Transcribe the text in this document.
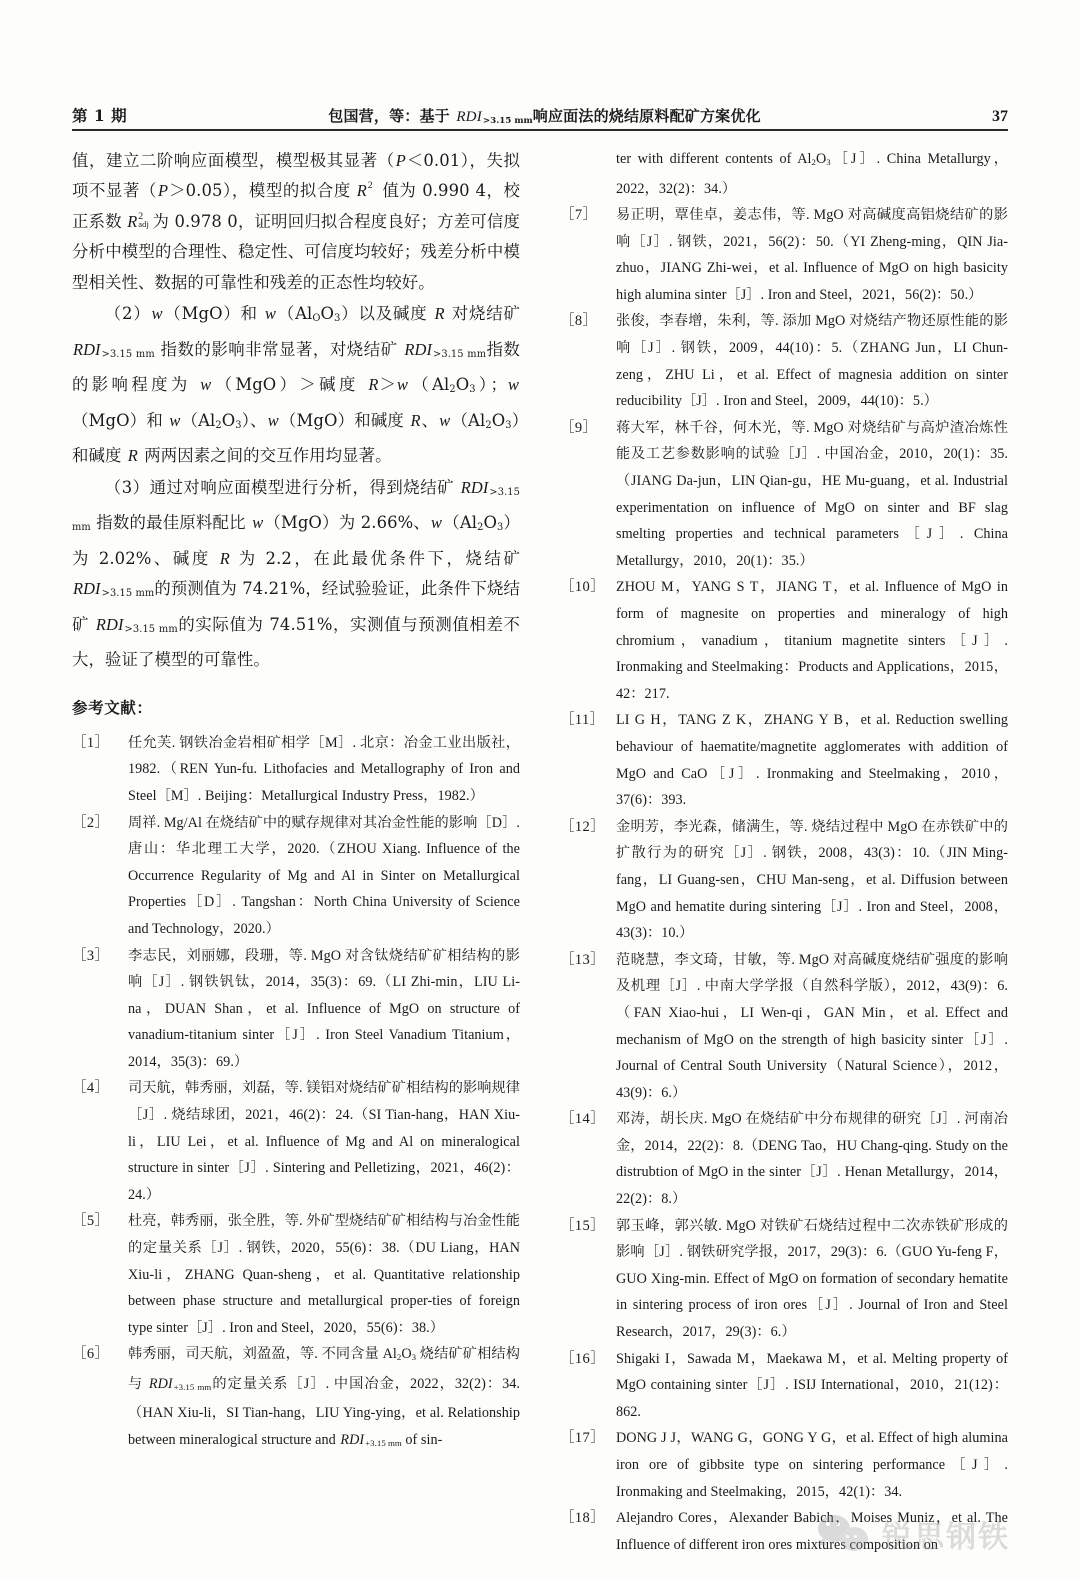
第 1 期	包国营，等：基于 $RDI_{>3.15 mm}$响应面法的烧结原料配矿方案优化	37

值，建立二阶响应面模型，模型极其显著（P＜0.01），失拟项不显著（P＞0.05），模型的拟合度 R 2 值为 0.990 4，校正系数 R 2
adj 为 0.978 0，证明回归拟合程度良好；方差可信度分析中模型的合理性、稳定性、可信度均较好；残差分析中模型相关性、数据的可靠性和残差的正态性均较好。

（2）w（MgO）和 $w(Al_OO_3)$以及碱度 R 对烧结矿 $RDI_{>3.15 mm}$ 指数的影响非常显著，对烧结矿 $RDI_{>3.15 mm}$指数的影响程度为 w（MgO）＞碱度 $R>w(Al_2O_3)$；w（MgO）和 $w(Al_2O_3)$、w（MgO）和碱度 R、$w(Al_2O_3)$和碱度 R 两两因素之间的交互作用均显著。

（3）通过对响应面模型进行分析，得到烧结矿 $RDI_{>3.15 mm}$ 指数的最佳原料配比 w（MgO）为 2.66%、$w(Al_2O_3)$为 2.02%、碱度 R 为 2.2，在此最优条件下，烧结矿 $RDI_{>3.15 mm}$的预测值为 74.21%，经试验验证，此条件下烧结矿 $RDI_{>3.15 mm}$的实际值为 74.51%，实测值与预测值相差不大，验证了模型的可靠性。

参考文献：
［1］	任允芙. 钢铁冶金岩相矿相学［M］. 北京：冶金工业出版社，1982.（REN Yun-fu. Lithofacies and Metallography of Iron and Steel［M］. Beijing：Metallurgical Industry Press，1982.）
［2］	周祥. Mg/Al 在烧结矿中的赋存规律对其冶金性能的影响［D］. 唐山：华北理工大学，2020.（ZHOU Xiang. Influence of the Occurrence Regularity of Mg and Al in Sinter on Metallurgical Properties［D］. Tangshan：North China University of Science and Technology，2020.）
［3］	李志民，刘丽娜，段珊，等. MgO 对含钛烧结矿矿相结构的影响［J］. 钢铁钒钛，2014，35(3)：69.（LI Zhi-min，LIU Li-na，DUAN Shan，et al. Influence of MgO on structure of vanadium-titanium sinter［J］. Iron Steel Vanadium Titanium，2014，35(3)：69.）
［4］	司天航，韩秀丽，刘磊，等. 镁铝对烧结矿矿相结构的影响规律［J］. 烧结球团，2021，46(2)：24.（SI Tian-hang，HAN Xiu-li，LIU Lei，et al. Influence of Mg and Al on mineralogical structure in sinter［J］. Sintering and Pelletizing，2021，46(2)：24.）
［5］	杜亮，韩秀丽，张全胜，等. 外矿型烧结矿矿相结构与冶金性能的定量关系［J］. 钢铁，2020，55(6)：38.（DU Liang，HAN Xiu-li，ZHANG Quan-sheng，et al. Quantitative relationship between phase structure and metallurgical proper-ties of foreign type sinter［J］. Iron and Steel，2020，55(6)：38.）
［6］	韩秀丽，司天航，刘盈盈，等. 不同含量 $Al_2O_3$ 烧结矿矿相结构与 $RDI_{+3.15 mm}$的定量关系［J］. 中国冶金，2022，32(2)：34.（HAN Xiu-li，SI Tian-hang，LIU Ying-ying，et al. Relationship between mineralogical structure and $RDI_{+3.15 mm}$ of sin-
ter with different contents of $Al_2O_3[J]$. China Metallurgy，2022，32(2)：34.）
［7］	易正明，覃佳卓，姜志伟，等. MgO 对高碱度高铝烧结矿的影响［J］. 钢铁，2021，56(2)：50.（YI Zheng-ming，QIN Jia-zhuo，JIANG Zhi-wei，et al. Influence of MgO on high basicity high alumina sinter［J］. Iron and Steel，2021，56(2)：50.）
［8］	张俊，李春增，朱利，等. 添加 MgO 对烧结产物还原性能的影响［J］. 钢铁，2009，44(10)：5.（ZHANG Jun，LI Chun-zeng，ZHU Li，et al. Effect of magnesia addition on sinter reducibility［J］. Iron and Steel，2009，44(10)：5.）
［9］	蒋大军，林千谷，何木光，等. MgO 对烧结矿与高炉渣冶炼性能及工艺参数影响的试验［J］. 中国冶金，2010，20(1)：35.（JIANG Da-jun，LIN Qian-gu，HE Mu-guang，et al. Industrial experimentation on influence of MgO on sinter and BF slag smelting properties and technical parameters［J］. China Metallurgy，2010，20(1)：35.）
［10］ ZHOU M，YANG S T，JIANG T，et al. Influence of MgO in form of magnesite on properties and mineralogy of high chromium，vanadium，titanium magnetite sinters［J］. Ironmaking and Steelmaking：Products and Applications，2015，42：217.
［11］ LI G H，TANG Z K，ZHANG Y B，et al. Reduction swelling behaviour of haematite/magnetite agglomerates with addition of MgO and CaO［J］. Ironmaking and Steelmaking，2010，37(6)：393.
［12］ 金明芳，李光森，储满生，等. 烧结过程中 MgO 在赤铁矿中的扩散行为的研究［J］. 钢铁，2008，43(3)：10.（JIN Ming-fang，LI Guang-sen，CHU Man-seng，et al. Diffusion between MgO and hematite during sintering［J］. Iron and Steel，2008，43(3)：10.）
［13］ 范晓慧，李文琦，甘敏，等. MgO 对高碱度烧结矿强度的影响及机理［J］. 中南大学学报（自然科学版），2012，43(9)：6.（FAN Xiao-hui，LI Wen-qi，GAN Min，et al. Effect and mechanism of MgO on the strength of high basicity sinter［J］. Journal of Central South University（Natural Science），2012，43(9)：6.）
［14］ 邓涛，胡长庆. MgO 在烧结矿中分布规律的研究［J］. 河南冶金，2014，22(2)：8.（DENG Tao，HU Chang-qing. Study on the distrubtion of MgO in the sinter［J］. Henan Metallurgy，2014，22(2)：8.）
［15］ 郭玉峰，郭兴敏. MgO 对铁矿石烧结过程中二次赤铁矿形成的影响［J］. 钢铁研究学报，2017，29(3)：6.（GUO Yu-feng F，GUO Xing-min. Effect of MgO on formation of secondary hematite in sintering process of iron ores［J］. Journal of Iron and Steel Research，2017，29(3)：6.）
［16］ Shigaki I，Sawada M，Maekawa M，et al. Melting property of MgO containing sinter［J］. ISIJ International，2010，21(12)：862.
［17］ DONG J J，WANG G，GONG Y G，et al. Effect of high alumina iron ore of gibbsite type on sintering performance［J］. Ironmaking and Steelmaking，2015，42(1)：34.
［18］ Alejandro Cores，Alexander Babich，Moises Muniz，et al. The Influence of different iron ores mixtures composition on
锐思钢铁
